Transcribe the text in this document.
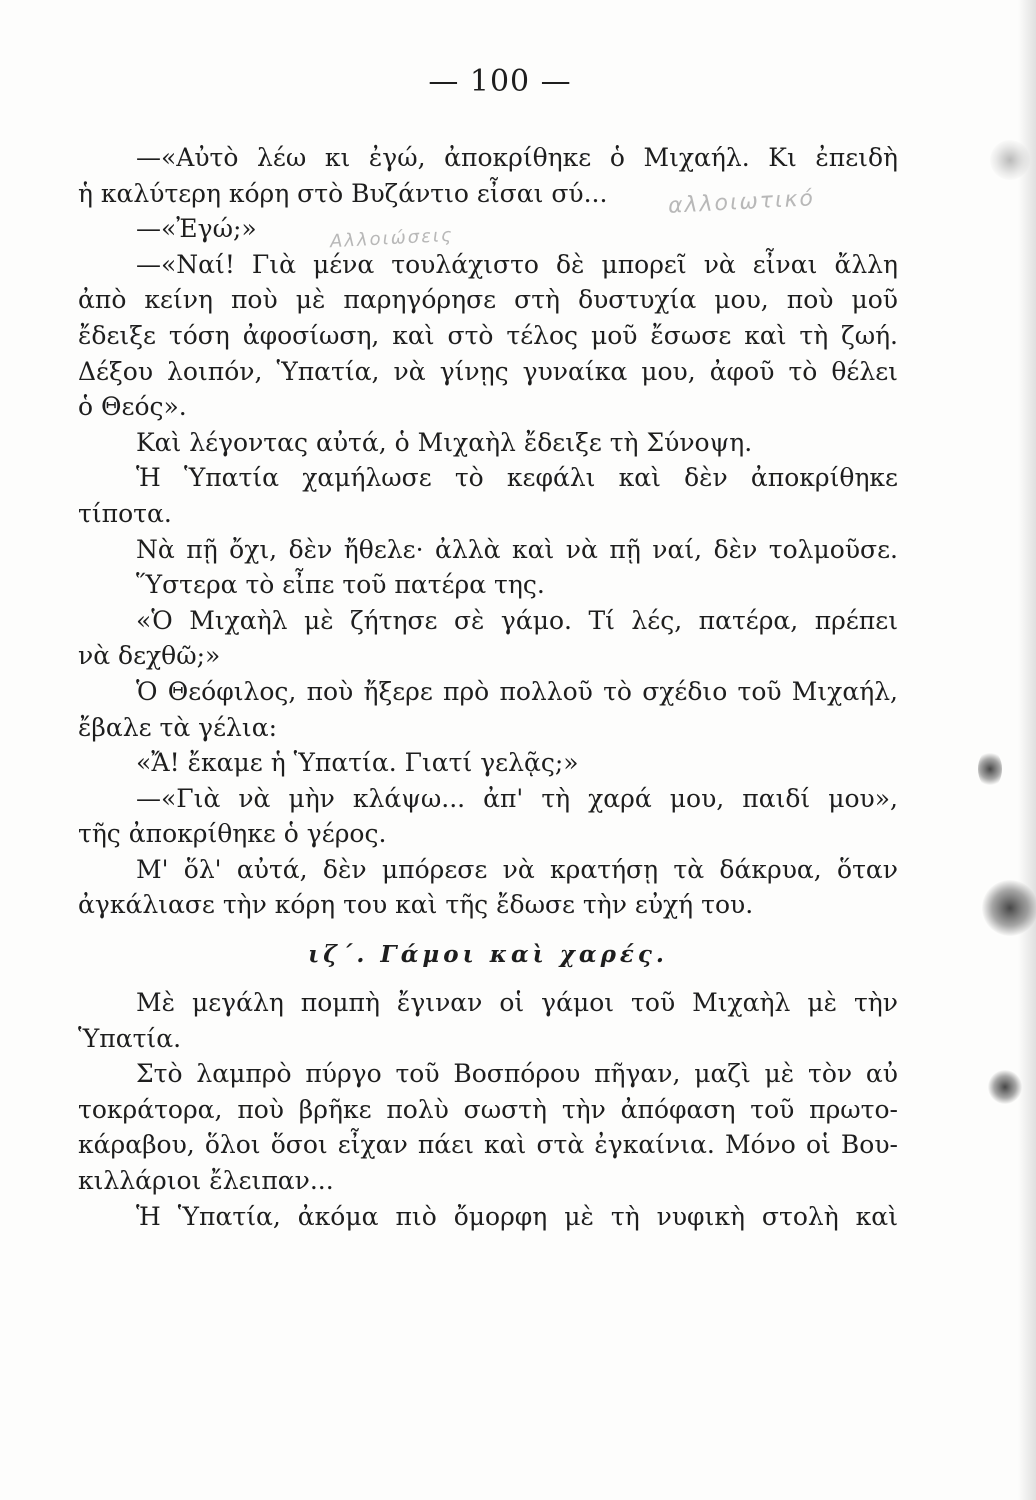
— 100 —
αλλοιωτικό
Αλλοιώσεις
—«Αὐτὸ λέω κι ἐγώ, ἀποκρίθηκε ὁ Μιχαήλ. Κι ἐπειδὴ
ἡ καλύτερη κόρη στὸ Βυζάντιο εἶσαι σύ...
—«Ἐγώ;»
—«Ναί! Γιὰ μένα τουλάχιστο δὲ μπορεῖ νὰ εἶναι ἄλλη
ἀπὸ κείνη ποὺ μὲ παρηγόρησε στὴ δυστυχία μου, ποὺ μοῦ
ἔδειξε τόση ἀφοσίωση, καὶ στὸ τέλος μοῦ ἔσωσε καὶ τὴ ζωή.
Δέξου λοιπόν, Ὑπατία, νὰ γίνῃς γυναίκα μου, ἀφοῦ τὸ θέλει
ὁ Θεός».
Καὶ λέγοντας αὐτά, ὁ Μιχαὴλ ἔδειξε τὴ Σύνοψη.
Ἡ Ὑπατία χαμήλωσε τὸ κεφάλι καὶ δὲν ἀποκρίθηκε
τίποτα.
Νὰ πῇ ὄχι, δὲν ἤθελε· ἀλλὰ καὶ νὰ πῇ ναί, δὲν τολμοῦσε.
Ὕστερα τὸ εἶπε τοῦ πατέρα της.
«Ὁ Μιχαὴλ μὲ ζήτησε σὲ γάμο. Τί λές, πατέρα, πρέπει
νὰ δεχθῶ;»
Ὁ Θεόφιλος, ποὺ ἤξερε πρὸ πολλοῦ τὸ σχέδιο τοῦ Μιχαήλ,
ἔβαλε τὰ γέλια:
«Ἄ! ἔκαμε ἡ Ὑπατία. Γιατί γελᾷς;»
—«Γιὰ νὰ μὴν κλάψω... ἀπ' τὴ χαρά μου, παιδί μου»,
τῆς ἀποκρίθηκε ὁ γέρος.
Μ' ὅλ' αὐτά, δὲν μπόρεσε νὰ κρατήσῃ τὰ δάκρυα, ὅταν
ἀγκάλιασε τὴν κόρη του καὶ τῆς ἔδωσε τὴν εὐχή του.
ιζ΄. Γάμοι καὶ χαρές.
Μὲ μεγάλη πομπὴ ἔγιναν οἱ γάμοι τοῦ Μιχαὴλ μὲ τὴν
Ὑπατία.
Στὸ λαμπρὸ πύργο τοῦ Βοσπόρου πῆγαν, μαζὶ μὲ τὸν αὐ
τοκράτορα, ποὺ βρῆκε πολὺ σωστὴ τὴν ἀπόφαση τοῦ πρωτο-
κάραβου, ὅλοι ὅσοι εἶχαν πάει καὶ στὰ ἐγκαίνια. Μόνο οἱ Βου-
κιλλάριοι ἔλειπαν...
Ἡ Ὑπατία, ἀκόμα πιὸ ὄμορφη μὲ τὴ νυφικὴ στολὴ καὶ
